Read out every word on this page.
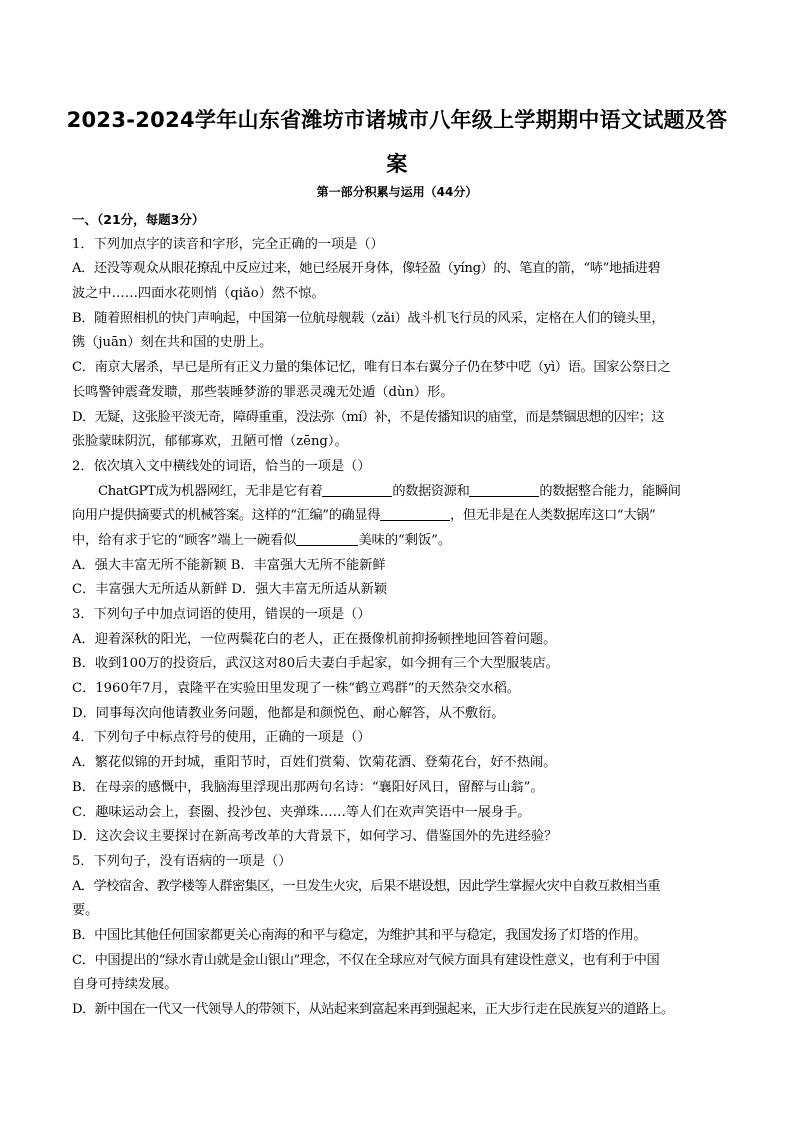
2023-2024学年山东省潍坊市诸城市八年级上学期期中语文试题及答
案
第一部分积累与运用（44分）
一、（21分，每题3分）
1．下列加点字的读音和字形，完全正确的一项是（）
A．还没等观众从眼花撩乱中反应过来，她已经展开身体，像轻盈（yíng）的、笔直的箭，“哧”地插进碧
波之中……四面水花则悄（qiǎo）然不惊。
B．随着照相机的快门声响起，中国第一位航母舰载（zǎi）战斗机飞行员的风采，定格在人们的镜头里，
镌（juān）刻在共和国的史册上。
C．南京大屠杀，早已是所有正义力量的集体记忆，唯有日本右翼分子仍在梦中呓（yì）语。国家公祭日之
长鸣警钟震聋发聩，那些装睡梦游的罪恶灵魂无处遁（dùn）形。
D．无疑，这张脸平淡无奇，障碍重重，没法弥（mí）补，不是传播知识的庙堂，而是禁锢思想的囚牢；这
张脸蒙昧阴沉，郁郁寡欢，丑陋可憎（zēng）。
2．依次填入文中横线处的词语，恰当的一项是（）
ChatGPT成为机器网红，无非是它有着	的数据资源和	的数据整合能力，能瞬间
向用户提供摘要式的机械答案。这样的“汇编”的确显得	，但无非是在人类数据库这口“大锅”
中，给有求于它的“顾客”端上一碗看似	美味的“剩饭”。
A．强大丰富无所不能新颖 B．丰富强大无所不能新鲜
C．丰富强大无所适从新鲜 D．强大丰富无所适从新颖
3．下列句子中加点词语的使用，错误的一项是（）
A．迎着深秋的阳光，一位两鬓花白的老人，正在摄像机前抑扬顿挫地回答着问题。
B．收到100万的投资后，武汉这对80后夫妻白手起家，如今拥有三个大型服装店。
C．1960年7月，袁隆平在实验田里发现了一株“鹤立鸡群”的天然杂交水稻。
D．同事每次向他请教业务问题，他都是和颜悦色、耐心解答，从不敷衍。
4．下列句子中标点符号的使用，正确的一项是（）
A．繁花似锦的开封城，重阳节时，百姓们赏菊、饮菊花酒、登菊花台，好不热闹。
B．在母亲的感慨中，我脑海里浮现出那两句名诗：“襄阳好风日，留醉与山翁”。
C．趣味运动会上，套圈、投沙包、夹弹珠……等人们在欢声笑语中一展身手。
D．这次会议主要探讨在新高考改革的大背景下，如何学习、借鉴国外的先进经验？
5．下列句子，没有语病的一项是（）
A．学校宿舍、教学楼等人群密集区，一旦发生火灾，后果不堪设想，因此学生掌握火灾中自救互救相当重
要。
B．中国比其他任何国家都更关心南海的和平与稳定，为维护其和平与稳定，我国发扬了灯塔的作用。
C．中国提出的“绿水青山就是金山银山”理念，不仅在全球应对气候方面具有建设性意义，也有利于中国
自身可持续发展。
D．新中国在一代又一代领导人的带领下，从站起来到富起来再到强起来，正大步行走在民族复兴的道路上。
